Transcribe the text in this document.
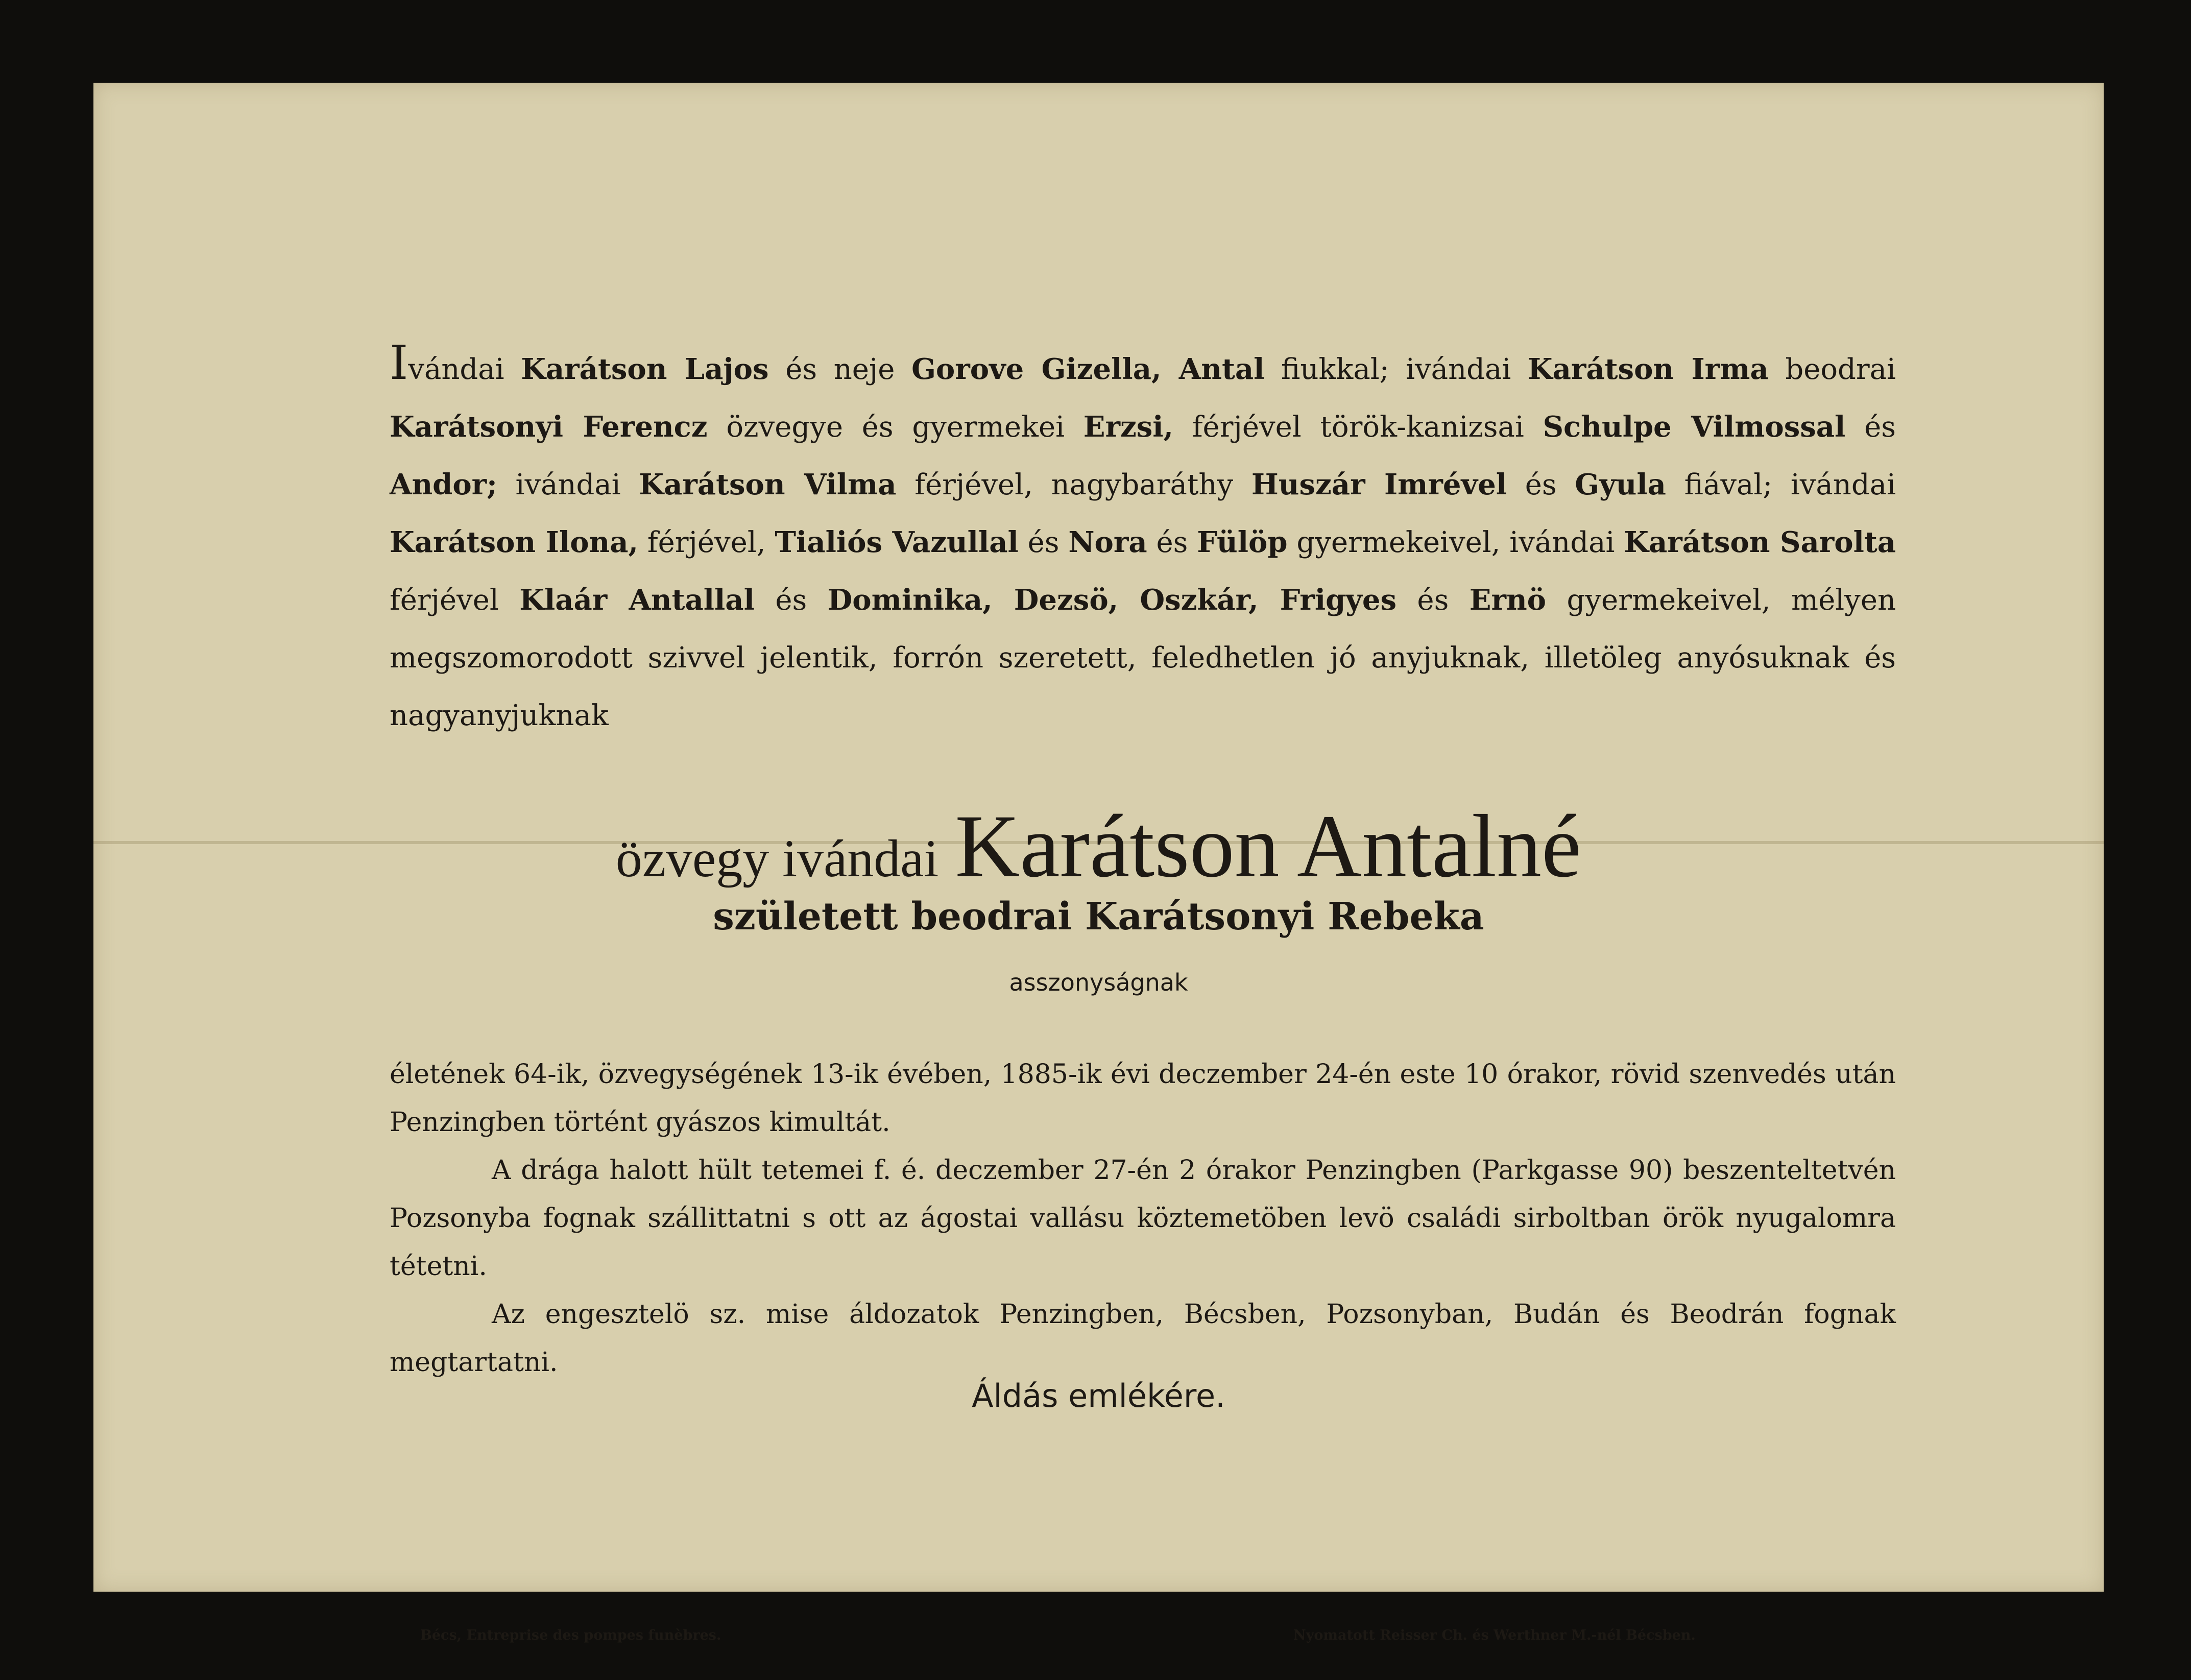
Ivándai Karátson Lajos és neje Gorove Gizella, Antal fiukkal; ivándai Karátson Irma beodrai Karátsonyi Ferencz özvegye és gyermekei Erzsi, férjével török-kanizsai Schulpe Vilmossal és Andor; ivándai Karátson Vilma férjével, nagybaráthy Huszár Imrével és Gyula fiával; ivándai Karátson Ilona, férjével, Tialiós Vazullal és Nora és Fülöp gyermekeivel, ivándai Karátson Sarolta férjével Klaár Antallal és Dominika, Dezsö, Oszkár, Frigyes és Ernö gyermekeivel, mélyen megszomorodott szivvel jelentik, forrón szeretett, feledhetlen jó anyjuknak, illetöleg anyósuknak és nagyanyjuknak
özvegy ivándai Karátson Antalné
született beodrai Karátsonyi Rebeka
asszonyságnak

életének 64-ik, özvegységének 13-ik évében, 1885-ik évi deczember 24-én este 10 órakor, rövid szenvedés után Penzingben történt gyászos kimultát.

A drága halott hült tetemei f. é. deczember 27-én 2 órakor Penzingben (Parkgasse 90) beszenteltetvén Pozsonyba fognak szállittatni s ott az ágostai vallásu köztemetöben levö családi sirboltban örök nyugalomra tétetni.

Az engesztelö sz. mise áldozatok Penzingben, Bécsben, Pozsonyban, Budán és Beodrán fognak megtartatni.

Áldás emlékére.
Bécs, Entreprise des pompes funèbres.	Nyomatott Reisser Ch. és Werthner M.-nél Bécsben.
